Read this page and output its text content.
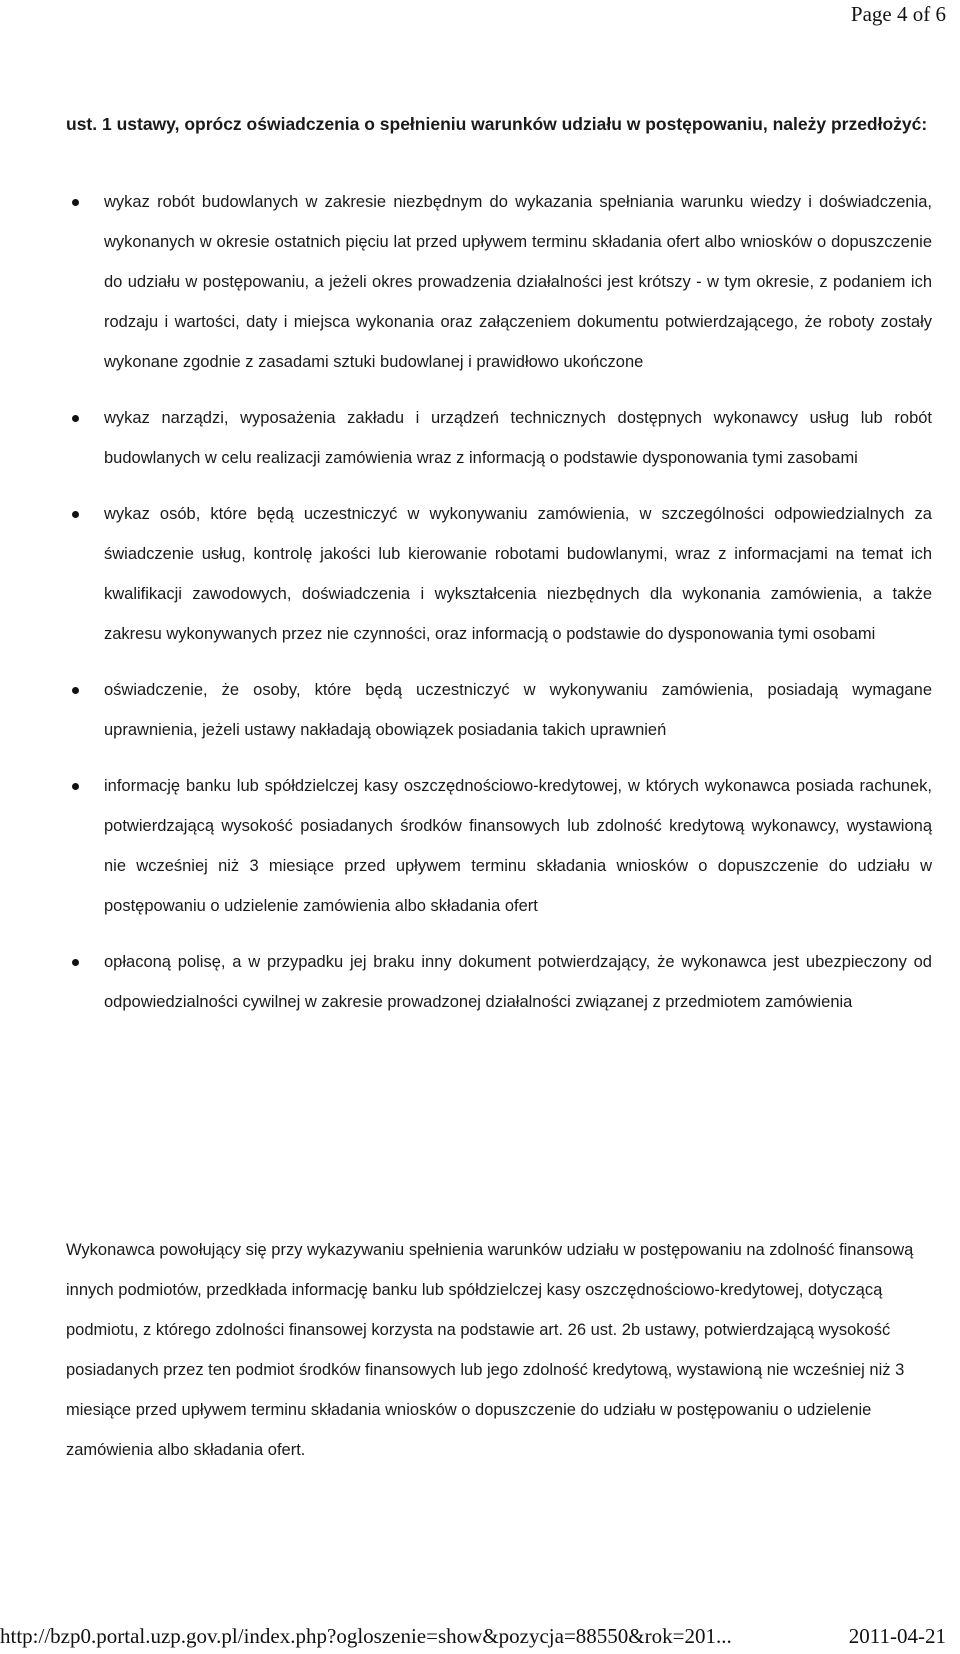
Page 4 of 6
ust. 1 ustawy, oprócz oświadczenia o spełnieniu warunków udziału w postępowaniu, należy przedłożyć:
wykaz robót budowlanych w zakresie niezbędnym do wykazania spełniania warunku wiedzy i doświadczenia, wykonanych w okresie ostatnich pięciu lat przed upływem terminu składania ofert albo wniosków o dopuszczenie do udziału w postępowaniu, a jeżeli okres prowadzenia działalności jest krótszy - w tym okresie, z podaniem ich rodzaju i wartości, daty i miejsca wykonania oraz załączeniem dokumentu potwierdzającego, że roboty zostały wykonane zgodnie z zasadami sztuki budowlanej i prawidłowo ukończone
wykaz narządzi, wyposażenia zakładu i urządzeń technicznych dostępnych wykonawcy usług lub robót budowlanych w celu realizacji zamówienia wraz z informacją o podstawie dysponowania tymi zasobami
wykaz osób, które będą uczestniczyć w wykonywaniu zamówienia, w szczególności odpowiedzialnych za świadczenie usług, kontrolę jakości lub kierowanie robotami budowlanymi, wraz z informacjami na temat ich kwalifikacji zawodowych, doświadczenia i wykształcenia niezbędnych dla wykonania zamówienia, a także zakresu wykonywanych przez nie czynności, oraz informacją o podstawie do dysponowania tymi osobami
oświadczenie, że osoby, które będą uczestniczyć w wykonywaniu zamówienia, posiadają wymagane uprawnienia, jeżeli ustawy nakładają obowiązek posiadania takich uprawnień
informację banku lub spółdzielczej kasy oszczędnościowo-kredytowej, w których wykonawca posiada rachunek, potwierdzającą wysokość posiadanych środków finansowych lub zdolność kredytową wykonawcy, wystawioną nie wcześniej niż 3 miesiące przed upływem terminu składania wniosków o dopuszczenie do udziału w postępowaniu o udzielenie zamówienia albo składania ofert
opłaconą polisę, a w przypadku jej braku inny dokument potwierdzający, że wykonawca jest ubezpieczony od odpowiedzialności cywilnej w zakresie prowadzonej działalności związanej z przedmiotem zamówienia
Wykonawca powołujący się przy wykazywaniu spełnienia warunków udziału w postępowaniu na zdolność finansową innych podmiotów, przedkłada informację banku lub spółdzielczej kasy oszczędnościowo-kredytowej, dotyczącą podmiotu, z którego zdolności finansowej korzysta na podstawie art. 26 ust. 2b ustawy, potwierdzającą wysokość posiadanych przez ten podmiot środków finansowych lub jego zdolność kredytową, wystawioną nie wcześniej niż 3 miesiące przed upływem terminu składania wniosków o dopuszczenie do udziału w postępowaniu o udzielenie zamówienia albo składania ofert.
http://bzp0.portal.uzp.gov.pl/index.php?ogloszenie=show&pozycja=88550&rok=201...	2011-04-21
